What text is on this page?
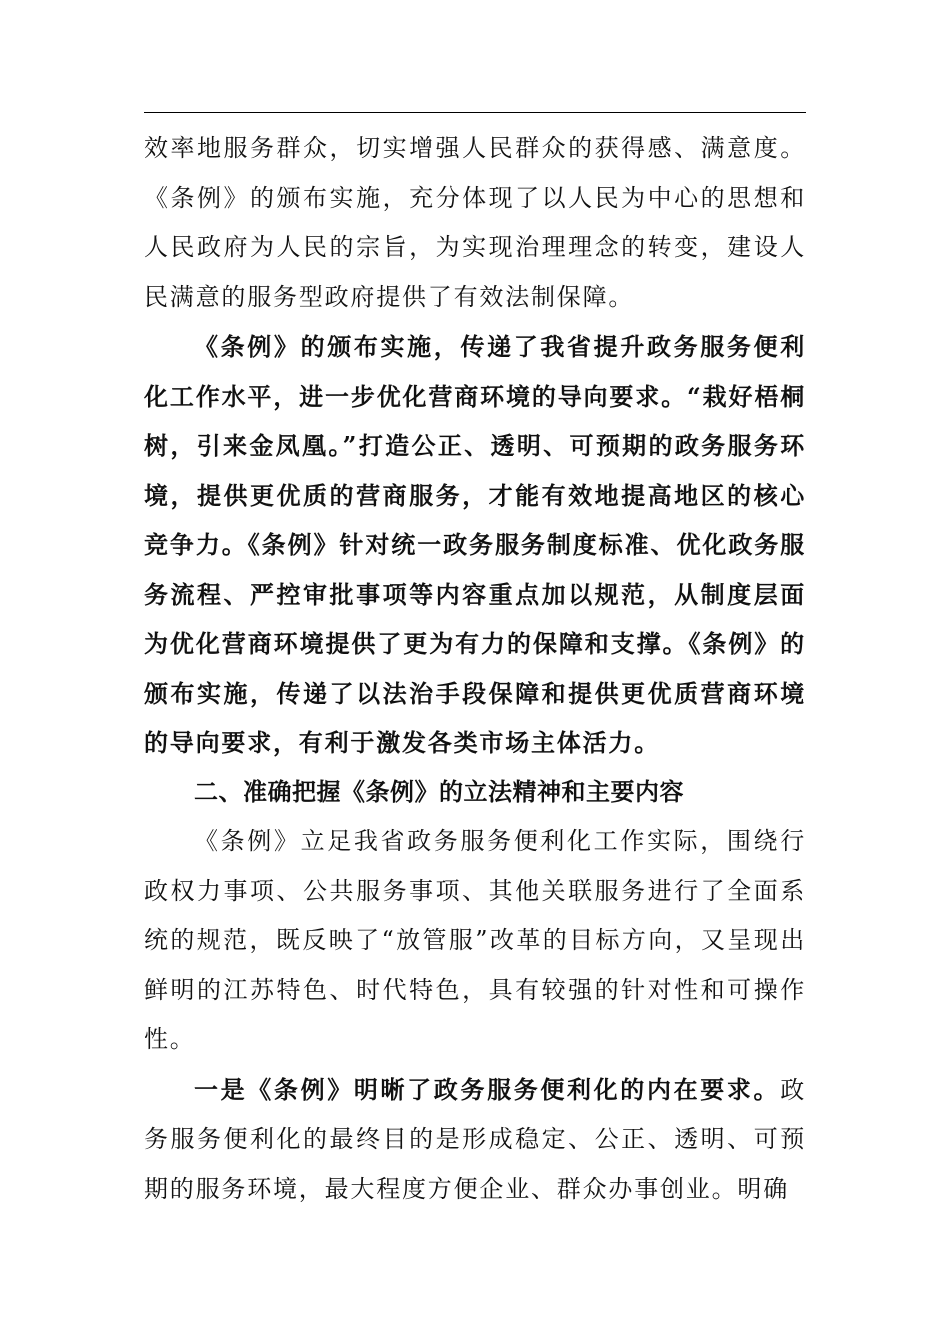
效率地服务群众，切实增强人民群众的获得感、满意度。《条例》的颁布实施，充分体现了以人民为中心的思想和人民政府为人民的宗旨，为实现治理理念的转变，建设人民满意的服务型政府提供了有效法制保障。

《条例》的颁布实施，传递了我省提升政务服务便利化工作水平，进一步优化营商环境的导向要求。“栽好梧桐树，引来金凤凰。”打造公正、透明、可预期的政务服务环境，提供更优质的营商服务，才能有效地提高地区的核心竞争力。《条例》针对统一政务服务制度标准、优化政务服务流程、严控审批事项等内容重点加以规范，从制度层面为优化营商环境提供了更为有力的保障和支撑。《条例》的颁布实施，传递了以法治手段保障和提供更优质营商环境的导向要求，有利于激发各类市场主体活力。

二、准确把握《条例》的立法精神和主要内容

《条例》立足我省政务服务便利化工作实际，围绕行政权力事项、公共服务事项、其他关联服务进行了全面系统的规范，既反映了“放管服”改革的目标方向，又呈现出鲜明的江苏特色、时代特色，具有较强的针对性和可操作性。

一是《条例》明晰了政务服务便利化的内在要求。政务服务便利化的最终目的是形成稳定、公正、透明、可预期的服务环境，最大程度方便企业、群众办事创业。明确
